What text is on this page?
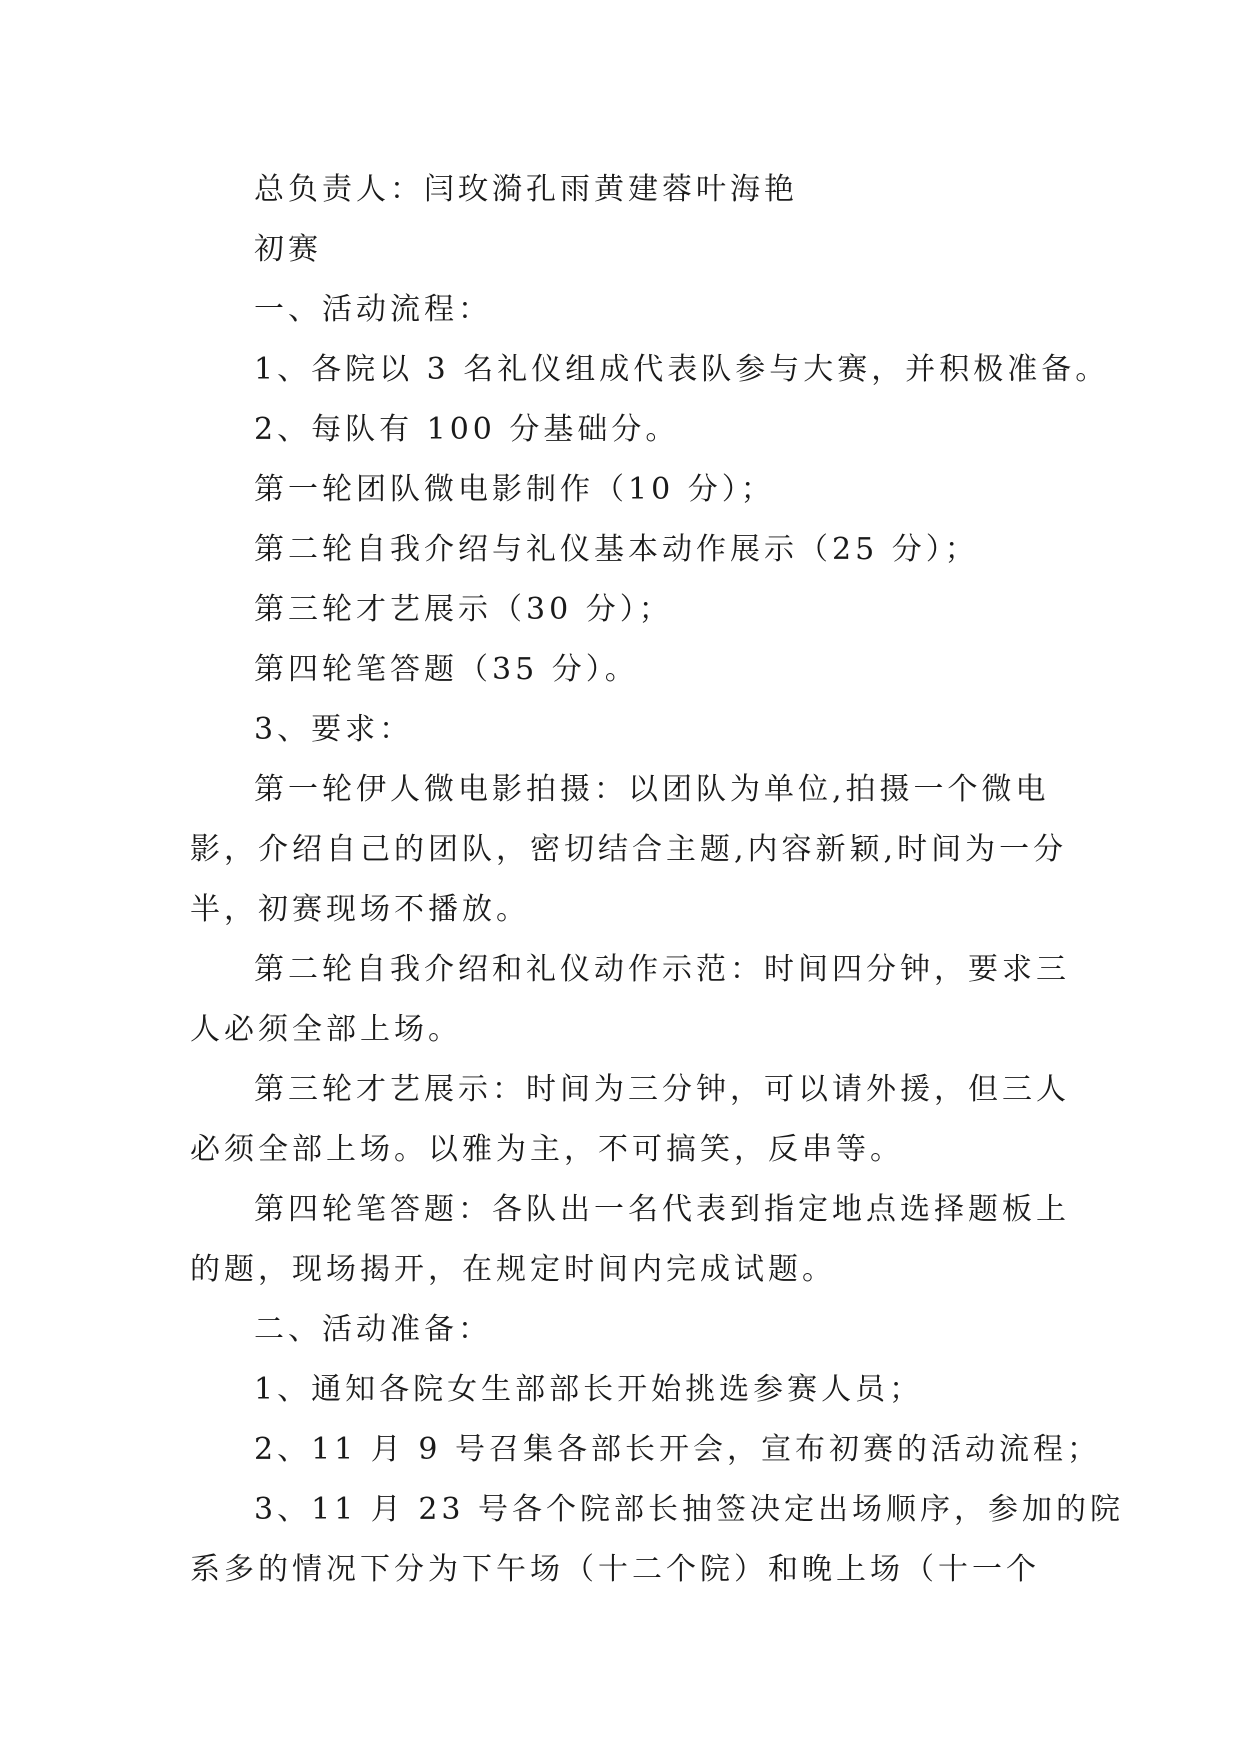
总负责人：闫玫漪孔雨黄建蓉叶海艳
初赛
一、活动流程：
1、各院以 3 名礼仪组成代表队参与大赛，并积极准备。
2、每队有 100 分基础分。
第一轮团队微电影制作（10 分）；
第二轮自我介绍与礼仪基本动作展示（25 分）；
第三轮才艺展示（30 分）；
第四轮笔答题（35 分）。
3、要求：
第一轮伊人微电影拍摄：以团队为单位,拍摄一个微电
影，介绍自己的团队，密切结合主题,内容新颖,时间为一分
半，初赛现场不播放。
第二轮自我介绍和礼仪动作示范：时间四分钟，要求三
人必须全部上场。
第三轮才艺展示：时间为三分钟，可以请外援，但三人
必须全部上场。以雅为主，不可搞笑，反串等。
第四轮笔答题：各队出一名代表到指定地点选择题板上
的题，现场揭开，在规定时间内完成试题。
二、活动准备：
1、通知各院女生部部长开始挑选参赛人员；
2、11 月 9 号召集各部长开会，宣布初赛的活动流程；
3、11 月 23 号各个院部长抽签决定出场顺序，参加的院
系多的情况下分为下午场（十二个院）和晚上场（十一个
